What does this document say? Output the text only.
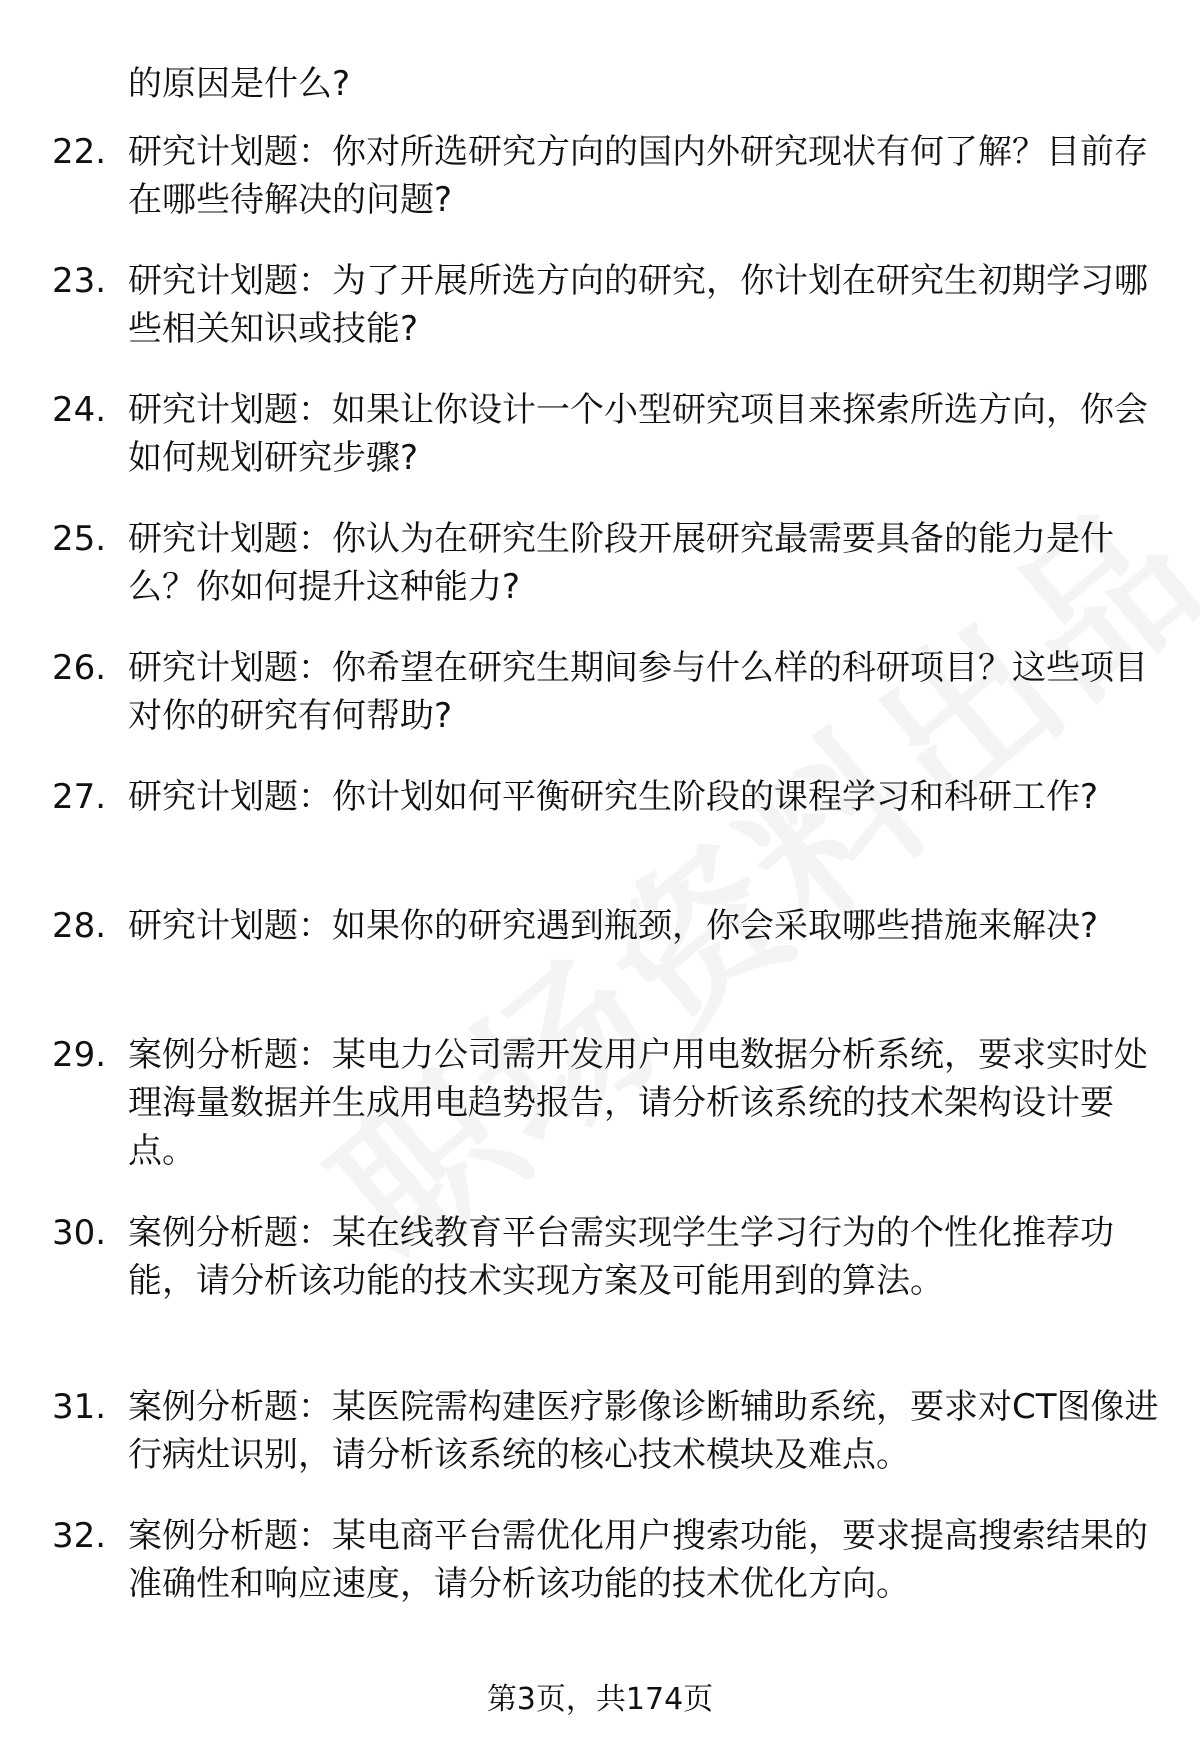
的原因是什么?
22. 研究计划题：你对所选研究方向的国内外研究现状有何了解？目前存在哪些待解决的问题?
23. 研究计划题：为了开展所选方向的研究，你计划在研究生初期学习哪些相关知识或技能?
24. 研究计划题：如果让你设计一个小型研究项目来探索所选方向，你会如何规划研究步骤?
25. 研究计划题：你认为在研究生阶段开展研究最需要具备的能力是什么？你如何提升这种能力?
26. 研究计划题：你希望在研究生期间参与什么样的科研项目？这些项目对你的研究有何帮助?
27. 研究计划题：你计划如何平衡研究生阶段的课程学习和科研工作?
28. 研究计划题：如果你的研究遇到瓶颈，你会采取哪些措施来解决?
29. 案例分析题：某电力公司需开发用户用电数据分析系统，要求实时处理海量数据并生成用电趋势报告，请分析该系统的技术架构设计要点。
30. 案例分析题：某在线教育平台需实现学生学习行为的个性化推荐功能，请分析该功能的技术实现方案及可能用到的算法。
31. 案例分析题：某医院需构建医疗影像诊断辅助系统，要求对CT图像进行病灶识别，请分析该系统的核心技术模块及难点。
32. 案例分析题：某电商平台需优化用户搜索功能，要求提高搜索结果的准确性和响应速度，请分析该功能的技术优化方向。
第3页，共174页
